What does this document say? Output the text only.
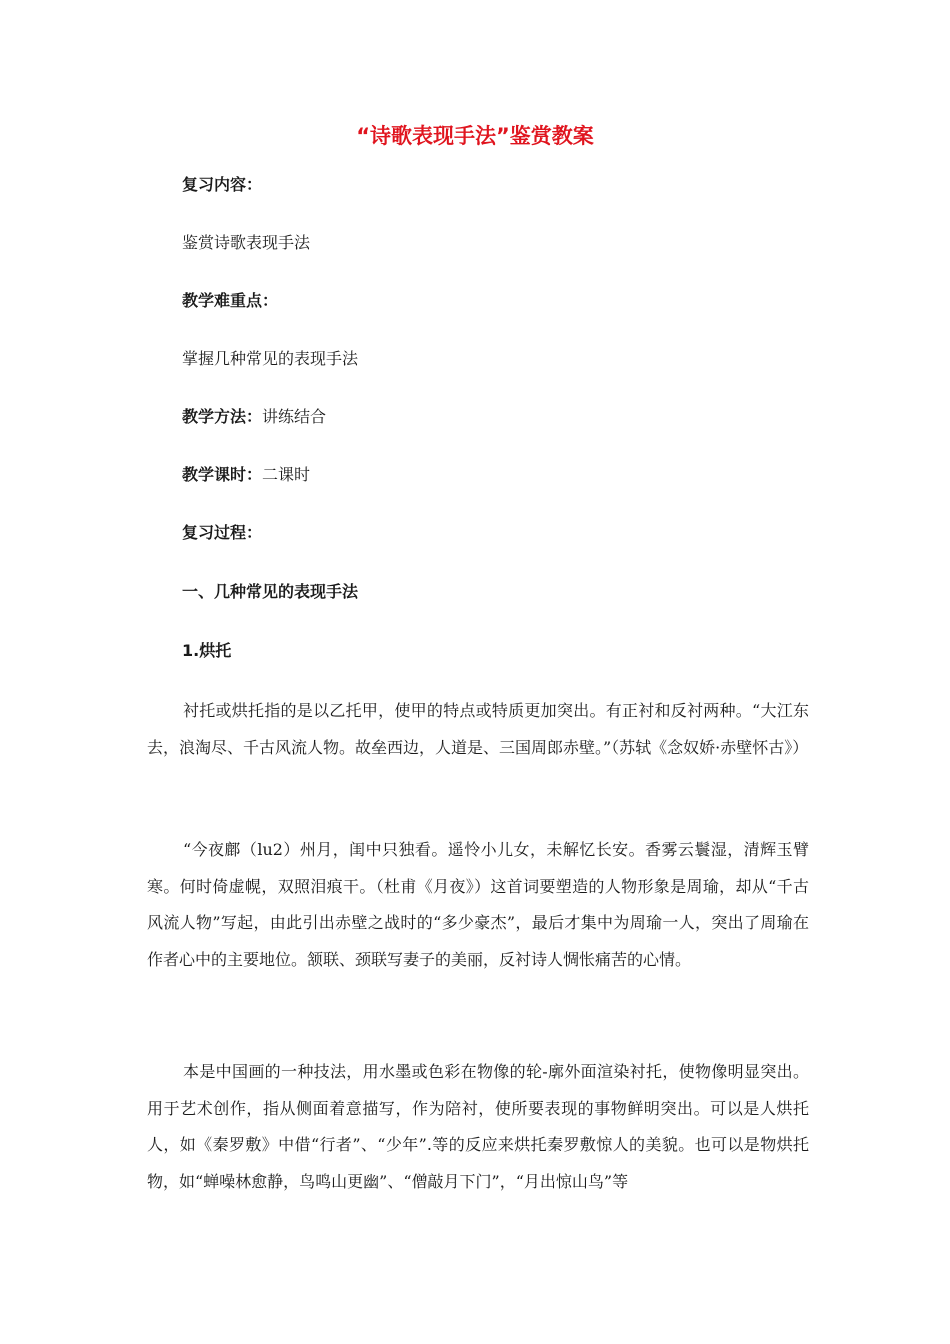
“诗歌表现手法”鉴赏教案
复习内容：
鉴赏诗歌表现手法
教学难重点：
掌握几种常见的表现手法
教学方法：讲练结合
教学课时：二课时
复习过程：
一、几种常见的表现手法
1.烘托
衬托或烘托指的是以乙托甲，使甲的特点或特质更加突出。有正衬和反衬两种。“大江东去，浪淘尽、千古风流人物。故垒西边，人道是、三国周郎赤壁。”（苏轼《念奴娇·赤壁怀古》）
“今夜鄜（lu2）州月，闺中只独看。遥怜小儿女，未解忆长安。香雾云鬟湿，清辉玉臂寒。何时倚虚幌，双照泪痕干。（杜甫《月夜》）这首词要塑造的人物形象是周瑜，却从“千古风流人物”写起，由此引出赤壁之战时的“多少豪杰”，最后才集中为周瑜一人，突出了周瑜在作者心中的主要地位。颔联、颈联写妻子的美丽，反衬诗人惆怅痛苦的心情。
本是中国画的一种技法，用水墨或色彩在物像的轮-廓外面渲染衬托，使物像明显突出。用于艺术创作，指从侧面着意描写，作为陪衬，使所要表现的事物鲜明突出。可以是人烘托人，如《秦罗敷》中借“行者”、“少年”.等的反应来烘托秦罗敷惊人的美貌。也可以是物烘托物，如“蝉噪林愈静，鸟鸣山更幽”、“僧敲月下门”，“月出惊山鸟”等
